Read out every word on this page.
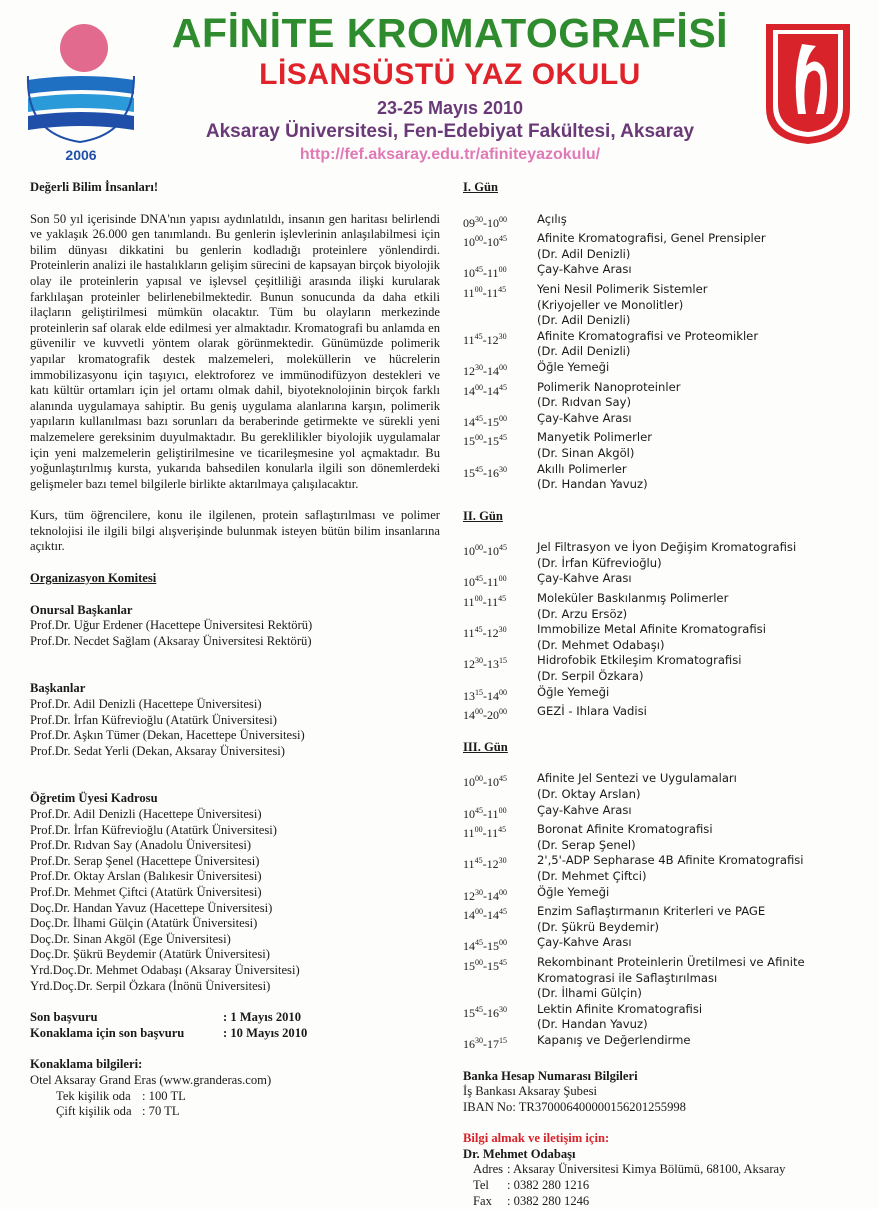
2006
AFİNİTE KROMATOGRAFİSİ
LİSANSÜSTÜ YAZ OKULU
23-25 Mayıs 2010
Aksaray Üniversitesi, Fen-Edebiyat Fakültesi, Aksaray
http://fef.aksaray.edu.tr/afiniteyazokulu/
Değerli Bilim İnsanları!
Son 50 yıl içerisinde DNA'nın yapısı aydınlatıldı, insanın gen haritası belirlendi ve yaklaşık 26.000 gen tanımlandı. Bu genlerin işlevlerinin anlaşılabilmesi için bilim dünyası dikkatini bu genlerin kodladığı proteinlere yönlendirdi. Proteinlerin analizi ile hastalıkların gelişim sürecini de kapsayan birçok biyolojik olay ile proteinlerin yapısal ve işlevsel çeşitliliği arasında ilişki kurularak farklılaşan proteinler belirlenebilmektedir. Bunun sonucunda da daha etkili ilaçların geliştirilmesi mümkün olacaktır. Tüm bu olayların merkezinde proteinlerin saf olarak elde edilmesi yer almaktadır. Kromatografi bu anlamda en güvenilir ve kuvvetli yöntem olarak görünmektedir. Günümüzde polimerik yapılar kromatografik destek malzemeleri, moleküllerin ve hücrelerin immobilizasyonu için taşıyıcı, elektroforez ve immünodifüzyon destekleri ve katı kültür ortamları için jel ortamı olmak dahil, biyoteknolojinin birçok farklı alanında uygulamaya sahiptir. Bu geniş uygulama alanlarına karşın, polimerik yapıların kullanılması bazı sorunları da beraberinde getirmekte ve sürekli yeni malzemelere gereksinim duyulmaktadır. Bu gereklilikler biyolojik uygulamalar için yeni malzemelerin geliştirilmesine ve ticarileşmesine yol açmaktadır. Bu yoğunlaştırılmış kursta, yukarıda bahsedilen konularla ilgili son dönemlerdeki gelişmeler bazı temel bilgilerle birlikte aktarılmaya çalışılacaktır.
Kurs, tüm öğrencilere, konu ile ilgilenen, protein saflaştırılması ve polimer teknolojisi ile ilgili bilgi alışverişinde bulunmak isteyen bütün bilim insanlarına açıktır.
Organizasyon Komitesi
Onursal Başkanlar
Prof.Dr. Uğur Erdener (Hacettepe Üniversitesi Rektörü)
Prof.Dr. Necdet Sağlam (Aksaray Üniversitesi Rektörü)
Başkanlar
Prof.Dr. Adil Denizli (Hacettepe Üniversitesi)
Prof.Dr. İrfan Küfrevioğlu (Atatürk Üniversitesi)
Prof.Dr. Aşkın Tümer (Dekan, Hacettepe Üniversitesi)
Prof.Dr. Sedat Yerli (Dekan, Aksaray Üniversitesi)
Öğretim Üyesi Kadrosu
Prof.Dr. Adil Denizli (Hacettepe Üniversitesi)
Prof.Dr. İrfan Küfrevioğlu (Atatürk Üniversitesi)
Prof.Dr. Rıdvan Say (Anadolu Üniversitesi)
Prof.Dr. Serap Şenel (Hacettepe Üniversitesi)
Prof.Dr. Oktay Arslan (Balıkesir Üniversitesi)
Prof.Dr. Mehmet Çiftci (Atatürk Üniversitesi)
Doç.Dr. Handan Yavuz (Hacettepe Üniversitesi)
Doç.Dr. İlhami Gülçin (Atatürk Üniversitesi)
Doç.Dr. Sinan Akgöl (Ege Üniversitesi)
Doç.Dr. Şükrü Beydemir (Atatürk Üniversitesi)
Yrd.Doç.Dr. Mehmet Odabaşı (Aksaray Üniversitesi)
Yrd.Doç.Dr. Serpil Özkara (İnönü Üniversitesi)
Son başvuru	: 1 Mayıs 2010
Konaklama için son başvuru	: 10 Mayıs 2010
Konaklama bilgileri:
Otel Aksaray Grand Eras (www.granderas.com)
Tek kişilik oda : 100 TL
Çift kişilik oda : 70 TL
I. Gün
$09^{30}-10^{00}$	Açılış
$10^{00}-10^{45}$	Afinite Kromatografisi, Genel Prensipler
(Dr. Adil Denizli)
$10^{45}-11^{00}$	Çay-Kahve Arası
$11^{00}-11^{45}$	Yeni Nesil Polimerik Sistemler
(Kriyojeller ve Monolitler)
(Dr. Adil Denizli)
$11^{45}-12^{30}$	Afinite Kromatografisi ve Proteomikler
(Dr. Adil Denizli)
$12^{30}-14^{00}$	Öğle Yemeği
$14^{00}-14^{45}$	Polimerik Nanoproteinler
(Dr. Rıdvan Say)
$14^{45}-15^{00}$	Çay-Kahve Arası
$15^{00}-15^{45}$	Manyetik Polimerler
(Dr. Sinan Akgöl)
$15^{45}-16^{30}$	Akıllı Polimerler
(Dr. Handan Yavuz)
II. Gün
$10^{00}-10^{45}$	Jel Filtrasyon ve İyon Değişim Kromatografisi
(Dr. İrfan Küfrevioğlu)
$10^{45}-11^{00}$	Çay-Kahve Arası
$11^{00}-11^{45}$	Moleküler Baskılanmış Polimerler
(Dr. Arzu Ersöz)
$11^{45}-12^{30}$	Immobilize Metal Afinite Kromatografisi
(Dr. Mehmet Odabaşı)
$12^{30}-13^{15}$	Hidrofobik Etkileşim Kromatografisi
(Dr. Serpil Özkara)
$13^{15}-14^{00}$	Öğle Yemeği
$14^{00}-20^{00}$	GEZİ - Ihlara Vadisi
III. Gün
$10^{00}-10^{45}$	Afinite Jel Sentezi ve Uygulamaları
(Dr. Oktay Arslan)
$10^{45}-11^{00}$	Çay-Kahve Arası
$11^{00}-11^{45}$	Boronat Afinite Kromatografisi
(Dr. Serap Şenel)
$11^{45}-12^{30}$	2',5'-ADP Sepharase 4B Afinite Kromatografisi
(Dr. Mehmet Çiftci)
$12^{30}-14^{00}$	Öğle Yemeği
$14^{00}-14^{45}$	Enzim Saflaştırmanın Kriterleri ve PAGE
(Dr. Şükrü Beydemir)
$14^{45}-15^{00}$	Çay-Kahve Arası
$15^{00}-15^{45}$	Rekombinant Proteinlerin Üretilmesi ve Afinite
Kromatograsi ile Saflaştırılması
(Dr. İlhami Gülçin)
$15^{45}-16^{30}$	Lektin Afinite Kromatografisi
(Dr. Handan Yavuz)
$16^{30}-17^{15}$	Kapanış ve Değerlendirme
Banka Hesap Numarası Bilgileri
İş Bankası Aksaray Şubesi
IBAN No: TR370006400000156201255998
Bilgi almak ve iletişim için:
Dr. Mehmet Odabaşı
Adres : Aksaray Üniversitesi Kimya Bölümü, 68100, Aksaray
Tel	: 0382 280 1216
Fax	: 0382 280 1246
